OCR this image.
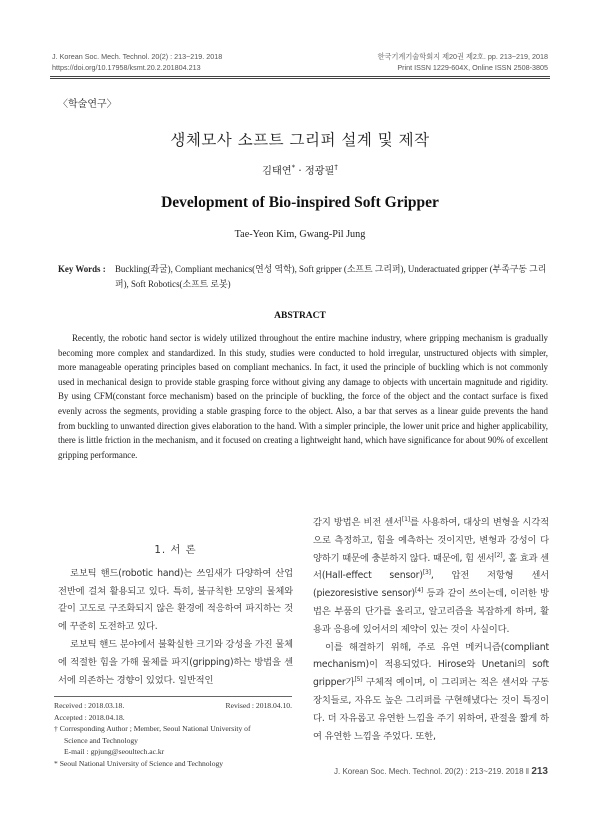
J. Korean Soc. Mech. Technol. 20(2) : 213~219. 2018	한국기계기술학회지 제20권 제2호. pp. 213~219, 2018
https://doi.org/10.17958/ksmt.20.2.201804.213	Print ISSN 1229-604X, Online ISSN 2508-3805
〈학술연구〉
생체모사 소프트 그리퍼 설계 및 제작
김태연* · 정광필†
Development of Bio-inspired Soft Gripper
Tae-Yeon Kim, Gwang-Pil Jung
Key Words :	Buckling(좌굴), Compliant mechanics(연성 역학), Soft gripper (소프트 그리퍼), Underactuated gripper (부족구동 그리퍼), Soft Robotics(소프트 로봇)
ABSTRACT

Recently, the robotic hand sector is widely utilized throughout the entire machine industry, where gripping mechanism is gradually becoming more complex and standardized. In this study, studies were conducted to hold irregular, unstructured objects with simpler, more manageable operating principles based on compliant mechanics. In fact, it used the principle of buckling which is not commonly used in mechanical design to provide stable grasping force without giving any damage to objects with uncertain magnitude and rigidity. By using CFM(constant force mechanism) based on the principle of buckling, the force of the object and the contact surface is fixed evenly across the segments, providing a stable grasping force to the object. Also, a bar that serves as a linear guide prevents the hand from buckling to unwanted direction gives elaboration to the hand. With a simpler principle, the lower unit price and higher applicability, there is little friction in the mechanism, and it focused on creating a lightweight hand, which have significance for about 90% of excellent gripping performance.

1. 서 론

로보틱 핸드(robotic hand)는 쓰임새가 다양하여 산업 전반에 걸쳐 활용되고 있다. 특히, 불규칙한 모양의 물체와 같이 고도로 구조화되지 않은 환경에 적응하여 파지하는 것에 꾸준히 도전하고 있다.

로보틱 핸드 분야에서 불확실한 크기와 강성을 가진 물체에 적절한 힘을 가해 물체를 파지(gripping)하는 방법을 센서에 의존하는 경향이 있었다. 일반적인

감지 방법은 비전 센서[1]를 사용하여, 대상의 변형을 시각적으로 측정하고, 힘을 예측하는 것이지만, 변형과 강성이 다양하기 때문에 충분하지 않다. 때문에, 힘 센서[2], 홀 효과 센서(Hall-effect sensor)[3], 압전 저항형 센서(piezoresistive sensor)[4] 등과 같이 쓰이는데, 이러한 방법은 부품의 단가를 올리고, 알고리즘을 복잡하게 하며, 활용과 응용에 있어서의 제약이 있는 것이 사실이다.

이를 해결하기 위해, 주로 유연 메커니즘(compliant mechanism)이 적용되었다. Hirose와 Unetani의 soft gripper가[5] 구체적 예이며, 이 그리퍼는 적은 센서와 구동장치들로, 자유도 높은 그리퍼를 구현해냈다는 것이 특징이다. 더 자유롭고 유연한 느낌을 주기 위하여, 관절을 짧게 하여 유연한 느낌을 주었다. 또한,

Received : 2018.03.18.	Revised : 2018.04.10.
Accepted : 2018.04.18.
† Corresponding Author ; Member, Seoul National University of
Science and Technology
E-mail : gpjung@seoultech.ac.kr
* Seoul National University of Science and Technology
J. Korean Soc. Mech. Technol. 20(2) : 213~219. 2018 ‖ 213
